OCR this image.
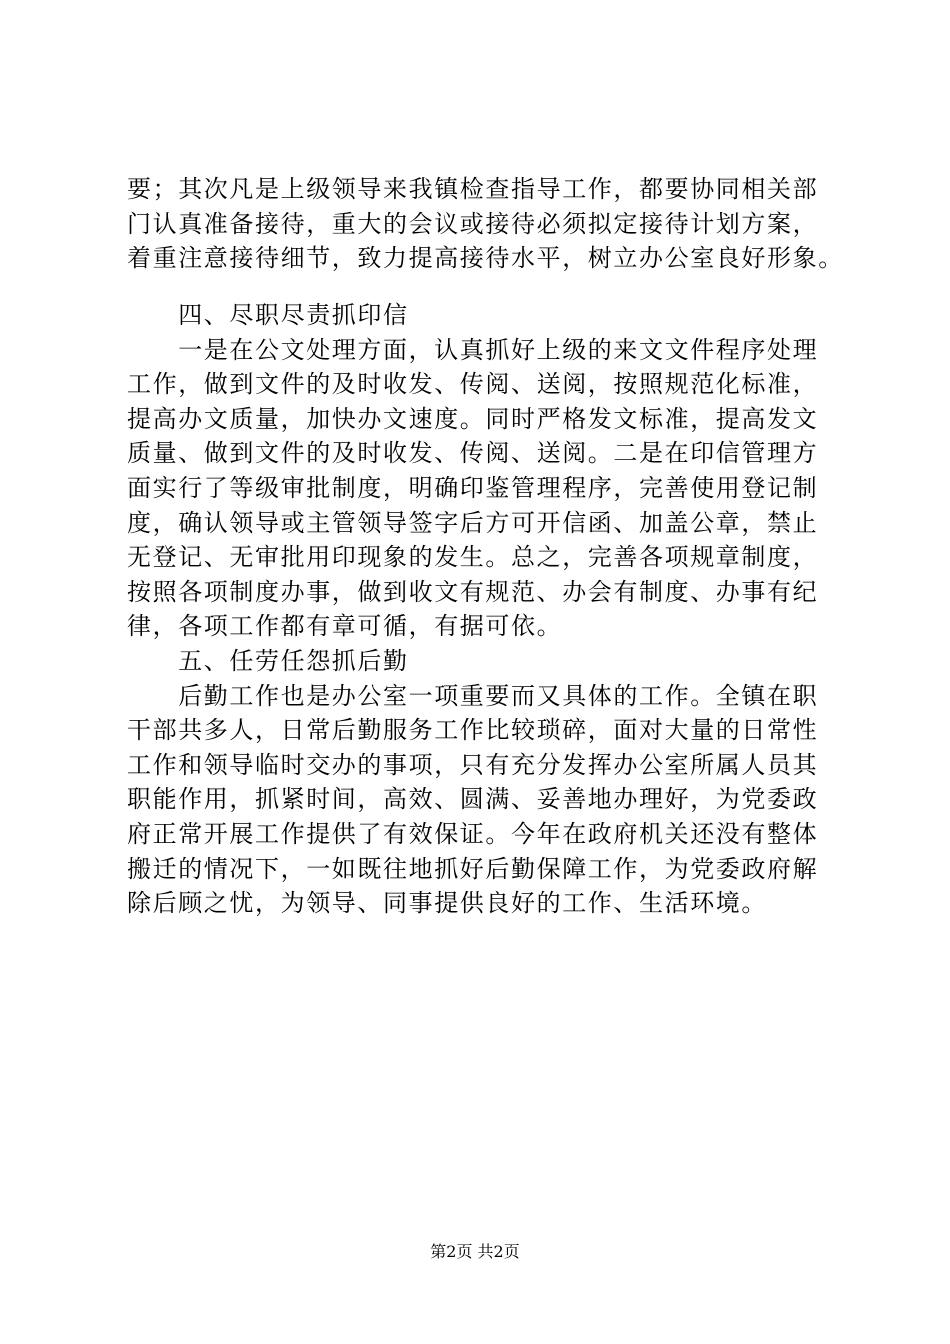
要；其次凡是上级领导来我镇检查指导工作，都要协同相关部
门认真准备接待，重大的会议或接待必须拟定接待计划方案，
着重注意接待细节，致力提高接待水平，树立办公室良好形象。
　　四、尽职尽责抓印信
　　一是在公文处理方面，认真抓好上级的来文文件程序处理
工作，做到文件的及时收发、传阅、送阅，按照规范化标准，
提高办文质量，加快办文速度。同时严格发文标准，提高发文
质量、做到文件的及时收发、传阅、送阅。二是在印信管理方
面实行了等级审批制度，明确印鉴管理程序，完善使用登记制
度，确认领导或主管领导签字后方可开信函、加盖公章，禁止
无登记、无审批用印现象的发生。总之，完善各项规章制度，
按照各项制度办事，做到收文有规范、办会有制度、办事有纪
律，各项工作都有章可循，有据可依。
　　五、任劳任怨抓后勤
　　后勤工作也是办公室一项重要而又具体的工作。全镇在职
干部共多人，日常后勤服务工作比较琐碎，面对大量的日常性
工作和领导临时交办的事项，只有充分发挥办公室所属人员其
职能作用，抓紧时间，高效、圆满、妥善地办理好，为党委政
府正常开展工作提供了有效保证。今年在政府机关还没有整体
搬迁的情况下，一如既往地抓好后勤保障工作，为党委政府解
除后顾之忧，为领导、同事提供良好的工作、生活环境。
第2页 共2页
